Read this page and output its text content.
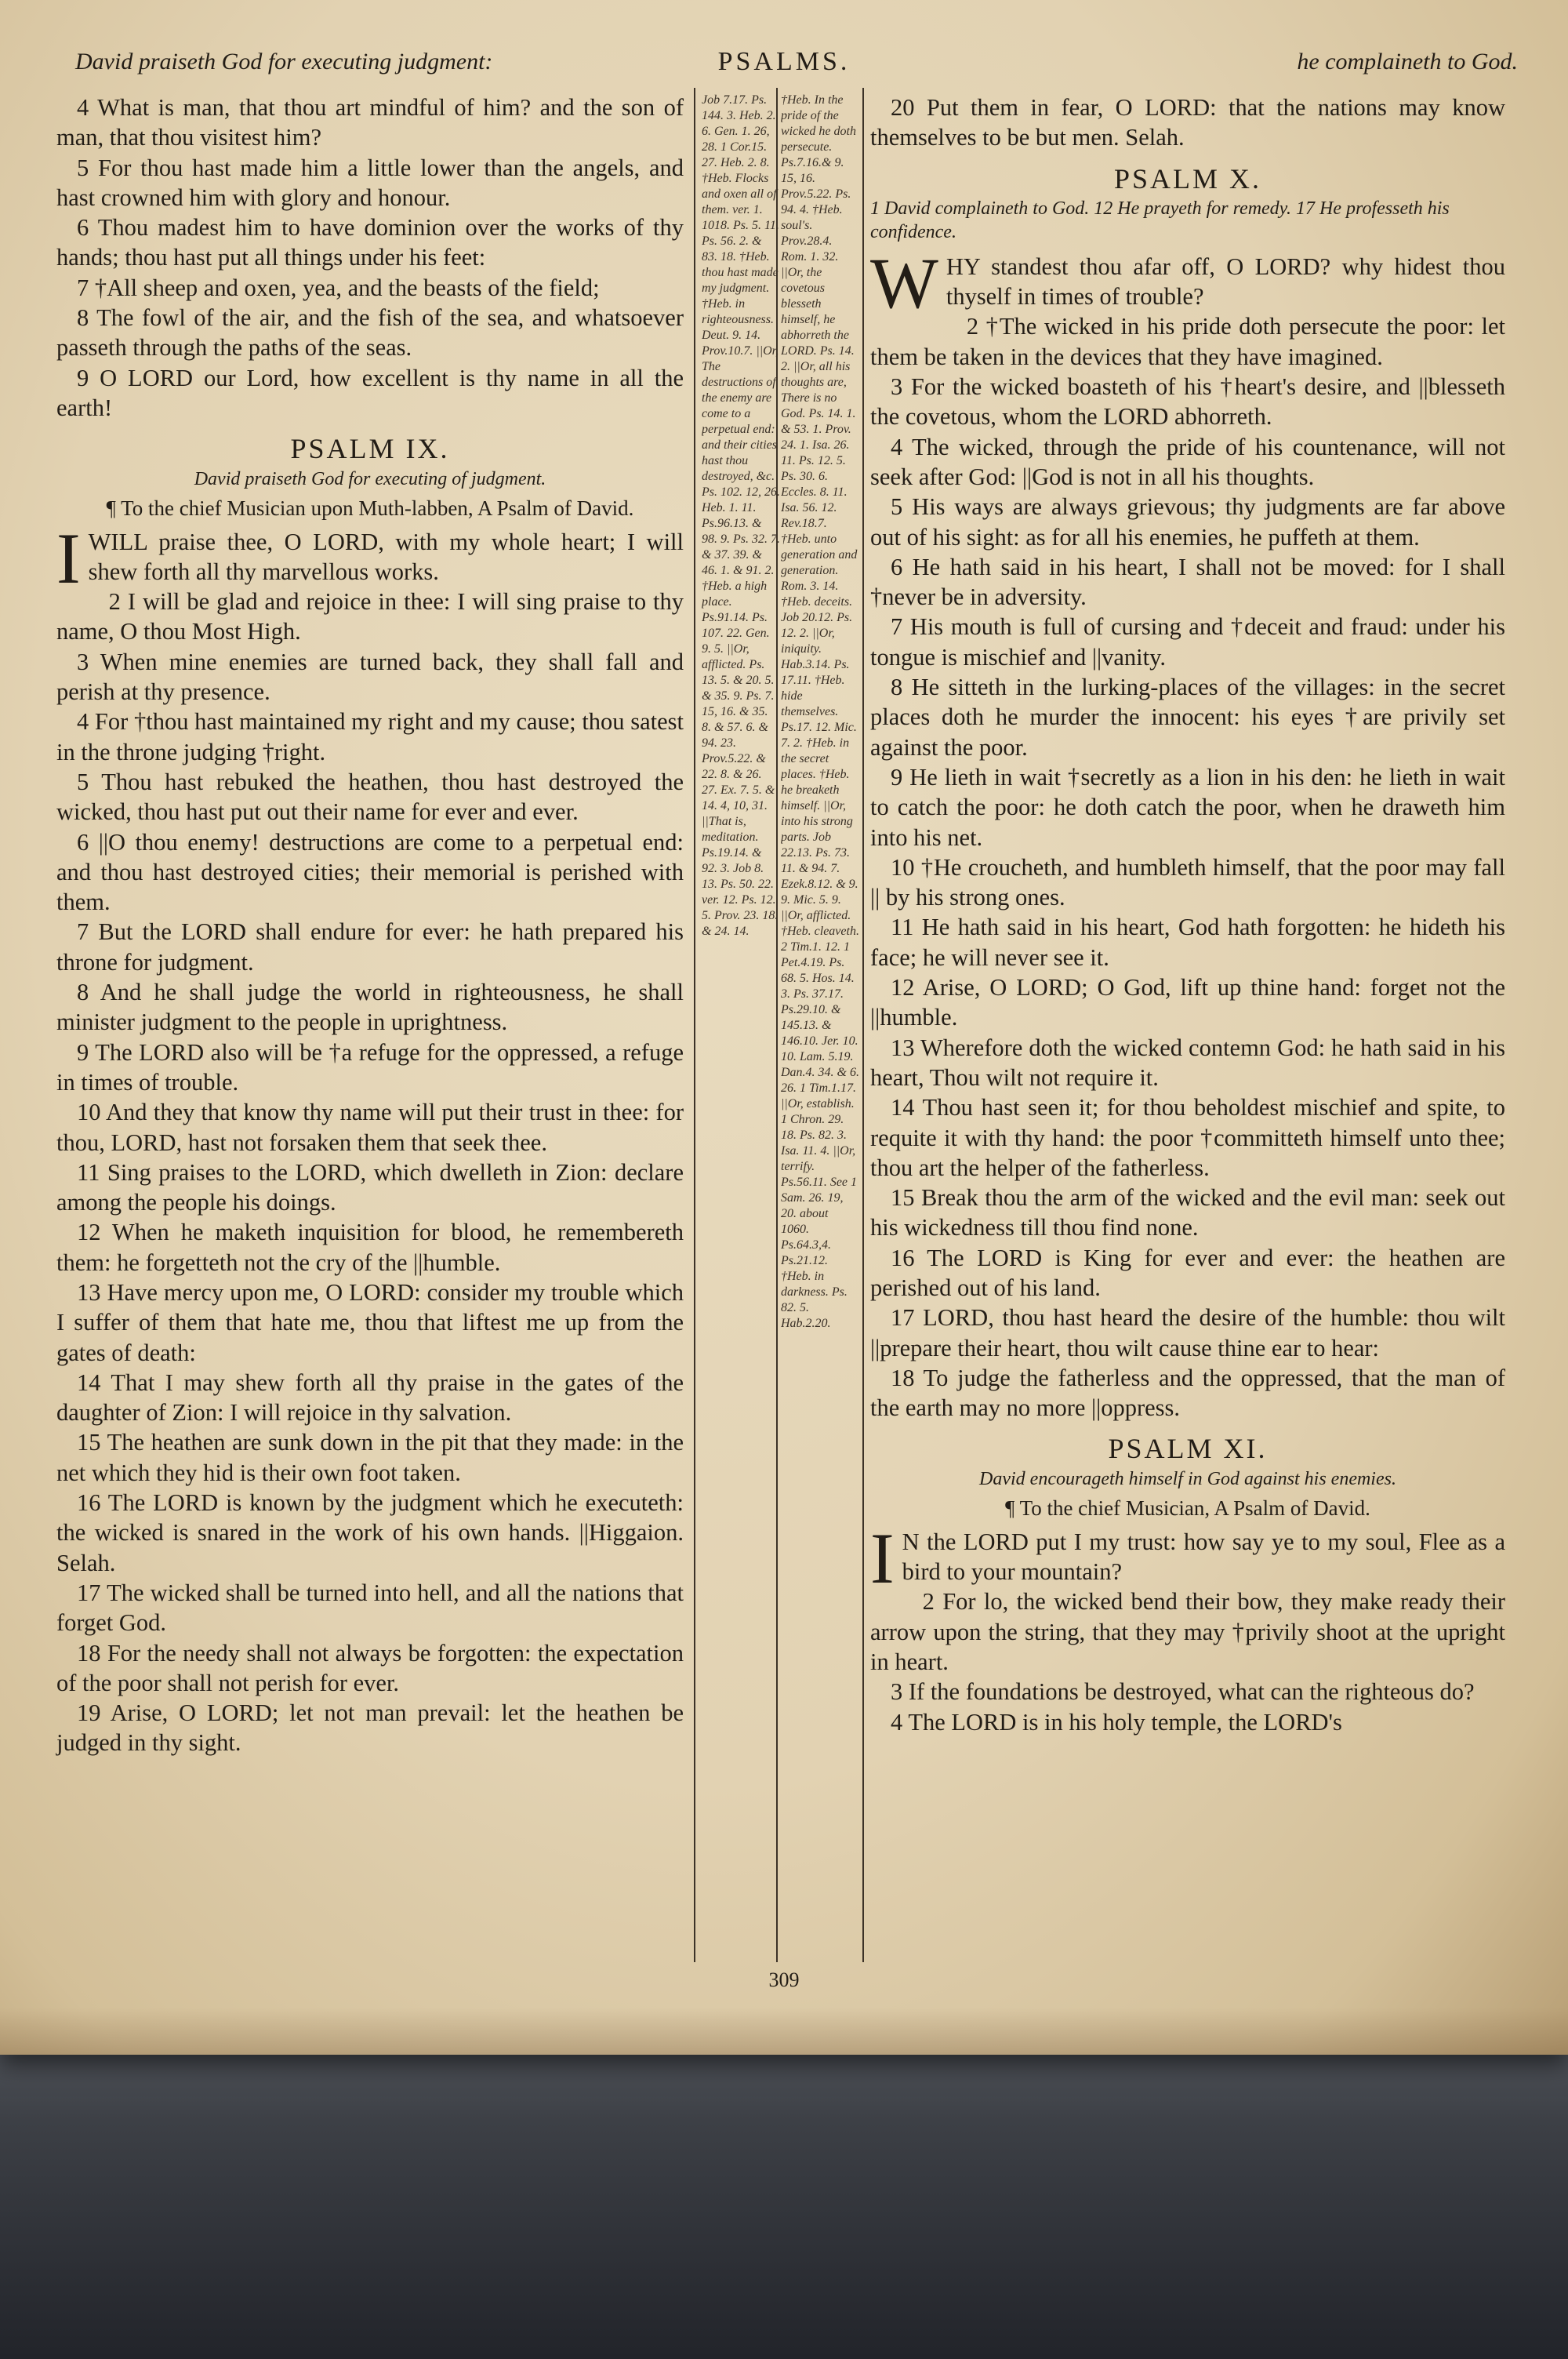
David praiseth God for executing judgment:	PSALMS.	he complaineth to God.

4 What is man, that thou art mindful of him? and the son of man, that thou visitest him?

5 For thou hast made him a little lower than the angels, and hast crowned him with glory and honour.

6 Thou madest him to have dominion over the works of thy hands; thou hast put all things under his feet:

7 †All sheep and oxen, yea, and the beasts of the field;

8 The fowl of the air, and the fish of the sea, and whatsoever passeth through the paths of the seas.

9 O LORD our Lord, how excellent is thy name in all the earth!

PSALM IX.
David praiseth God for executing of judgment.
¶ To the chief Musician upon Muth-labben, A Psalm of David.

IWILL praise thee, O LORD, with my whole heart; I will shew forth all thy marvellous works.

2 I will be glad and rejoice in thee: I will sing praise to thy name, O thou Most High.

3 When mine enemies are turned back, they shall fall and perish at thy presence.

4 For †thou hast maintained my right and my cause; thou satest in the throne judging †right.

5 Thou hast rebuked the heathen, thou hast destroyed the wicked, thou hast put out their name for ever and ever.

6 ||O thou enemy! destructions are come to a perpetual end: and thou hast destroyed cities; their memorial is perished with them.

7 But the LORD shall endure for ever: he hath prepared his throne for judgment.

8 And he shall judge the world in righteousness, he shall minister judgment to the people in uprightness.

9 The LORD also will be †a refuge for the oppressed, a refuge in times of trouble.

10 And they that know thy name will put their trust in thee: for thou, LORD, hast not forsaken them that seek thee.

11 Sing praises to the LORD, which dwelleth in Zion: declare among the people his doings.

12 When he maketh inquisition for blood, he remembereth them: he forgetteth not the cry of the ||humble.

13 Have mercy upon me, O LORD: consider my trouble which I suffer of them that hate me, thou that liftest me up from the gates of death:

14 That I may shew forth all thy praise in the gates of the daughter of Zion: I will rejoice in thy salvation.

15 The heathen are sunk down in the pit that they made: in the net which they hid is their own foot taken.

16 The LORD is known by the judgment which he executeth: the wicked is snared in the work of his own hands. ||Higgaion. Selah.

17 The wicked shall be turned into hell, and all the nations that forget God.

18 For the needy shall not always be forgotten: the expectation of the poor shall not perish for ever.

19 Arise, O LORD; let not man prevail: let the heathen be judged in thy sight.

Job 7.17. Ps. 144. 3. Heb. 2. 6. Gen. 1. 26, 28. 1 Cor.15. 27. Heb. 2. 8. †Heb. Flocks and oxen all of them. ver. 1. 1018. Ps. 5. 11. Ps. 56. 2. & 83. 18. †Heb. thou hast made my judgment. †Heb. in righteousness. Deut. 9. 14. Prov.10.7. ||Or, The destructions of the enemy are come to a perpetual end: and their cities hast thou destroyed, &c. Ps. 102. 12, 26. Heb. 1. 11. Ps.96.13. & 98. 9. Ps. 32. 7. & 37. 39. & 46. 1. & 91. 2. †Heb. a high place. Ps.91.14. Ps. 107. 22. Gen. 9. 5. ||Or, afflicted. Ps. 13. 5. & 20. 5. & 35. 9. Ps. 7. 15, 16. & 35. 8. & 57. 6. & 94. 23. Prov.5.22. & 22. 8. & 26. 27. Ex. 7. 5. & 14. 4, 10, 31. ||That is, meditation. Ps.19.14. & 92. 3. Job 8. 13. Ps. 50. 22. ver. 12. Ps. 12. 5. Prov. 23. 18. & 24. 14.
†Heb. In the pride of the wicked he doth persecute. Ps.7.16.& 9. 15, 16. Prov.5.22. Ps. 94. 4. †Heb. soul's. Prov.28.4. Rom. 1. 32. ||Or, the covetous blesseth himself, he abhorreth the LORD. Ps. 14. 2. ||Or, all his thoughts are, There is no God. Ps. 14. 1. & 53. 1. Prov. 24. 1. Isa. 26. 11. Ps. 12. 5. Ps. 30. 6. Eccles. 8. 11. Isa. 56. 12. Rev.18.7. †Heb. unto generation and generation. Rom. 3. 14. †Heb. deceits. Job 20.12. Ps. 12. 2. ||Or, iniquity. Hab.3.14. Ps. 17.11. †Heb. hide themselves. Ps.17. 12. Mic. 7. 2. †Heb. in the secret places. †Heb. he breaketh himself. ||Or, into his strong parts. Job 22.13. Ps. 73. 11. & 94. 7. Ezek.8.12. & 9. 9. Mic. 5. 9. ||Or, afflicted. †Heb. cleaveth. 2 Tim.1. 12. 1 Pet.4.19. Ps. 68. 5. Hos. 14. 3. Ps. 37.17. Ps.29.10. & 145.13. & 146.10. Jer. 10. 10. Lam. 5.19. Dan.4. 34. & 6. 26. 1 Tim.1.17. ||Or, establish. 1 Chron. 29. 18. Ps. 82. 3. Isa. 11. 4. ||Or, terrify. Ps.56.11. See 1 Sam. 26. 19, 20. about 1060. Ps.64.3,4. Ps.21.12. †Heb. in darkness. Ps. 82. 5. Hab.2.20.

20 Put them in fear, O LORD: that the nations may know themselves to be but men. Selah.

PSALM X.
1 David complaineth to God. 12 He prayeth for remedy. 17 He professeth his confidence.

WHY standest thou afar off, O LORD? why hidest thou thyself in times of trouble?

2 †The wicked in his pride doth persecute the poor: let them be taken in the devices that they have imagined.

3 For the wicked boasteth of his †heart's desire, and ||blesseth the covetous, whom the LORD abhorreth.

4 The wicked, through the pride of his countenance, will not seek after God: ||God is not in all his thoughts.

5 His ways are always grievous; thy judgments are far above out of his sight: as for all his enemies, he puffeth at them.

6 He hath said in his heart, I shall not be moved: for I shall †never be in adversity.

7 His mouth is full of cursing and †deceit and fraud: under his tongue is mischief and ||vanity.

8 He sitteth in the lurking-places of the villages: in the secret places doth he murder the innocent: his eyes †are privily set against the poor.

9 He lieth in wait †secretly as a lion in his den: he lieth in wait to catch the poor: he doth catch the poor, when he draweth him into his net.

10 †He croucheth, and humbleth himself, that the poor may fall || by his strong ones.

11 He hath said in his heart, God hath forgotten: he hideth his face; he will never see it.

12 Arise, O LORD; O God, lift up thine hand: forget not the ||humble.

13 Wherefore doth the wicked contemn God: he hath said in his heart, Thou wilt not require it.

14 Thou hast seen it; for thou beholdest mischief and spite, to requite it with thy hand: the poor †committeth himself unto thee; thou art the helper of the fatherless.

15 Break thou the arm of the wicked and the evil man: seek out his wickedness till thou find none.

16 The LORD is King for ever and ever: the heathen are perished out of his land.

17 LORD, thou hast heard the desire of the humble: thou wilt ||prepare their heart, thou wilt cause thine ear to hear:

18 To judge the fatherless and the oppressed, that the man of the earth may no more ||oppress.

PSALM XI.
David encourageth himself in God against his enemies.
¶ To the chief Musician, A Psalm of David.

I N the LORD put I my trust: how say ye to my soul, Flee as a bird to your mountain?

2 For lo, the wicked bend their bow, they make ready their arrow upon the string, that they may †privily shoot at the upright in heart.

3 If the foundations be destroyed, what can the righteous do?

4 The LORD is in his holy temple, the LORD's

309
